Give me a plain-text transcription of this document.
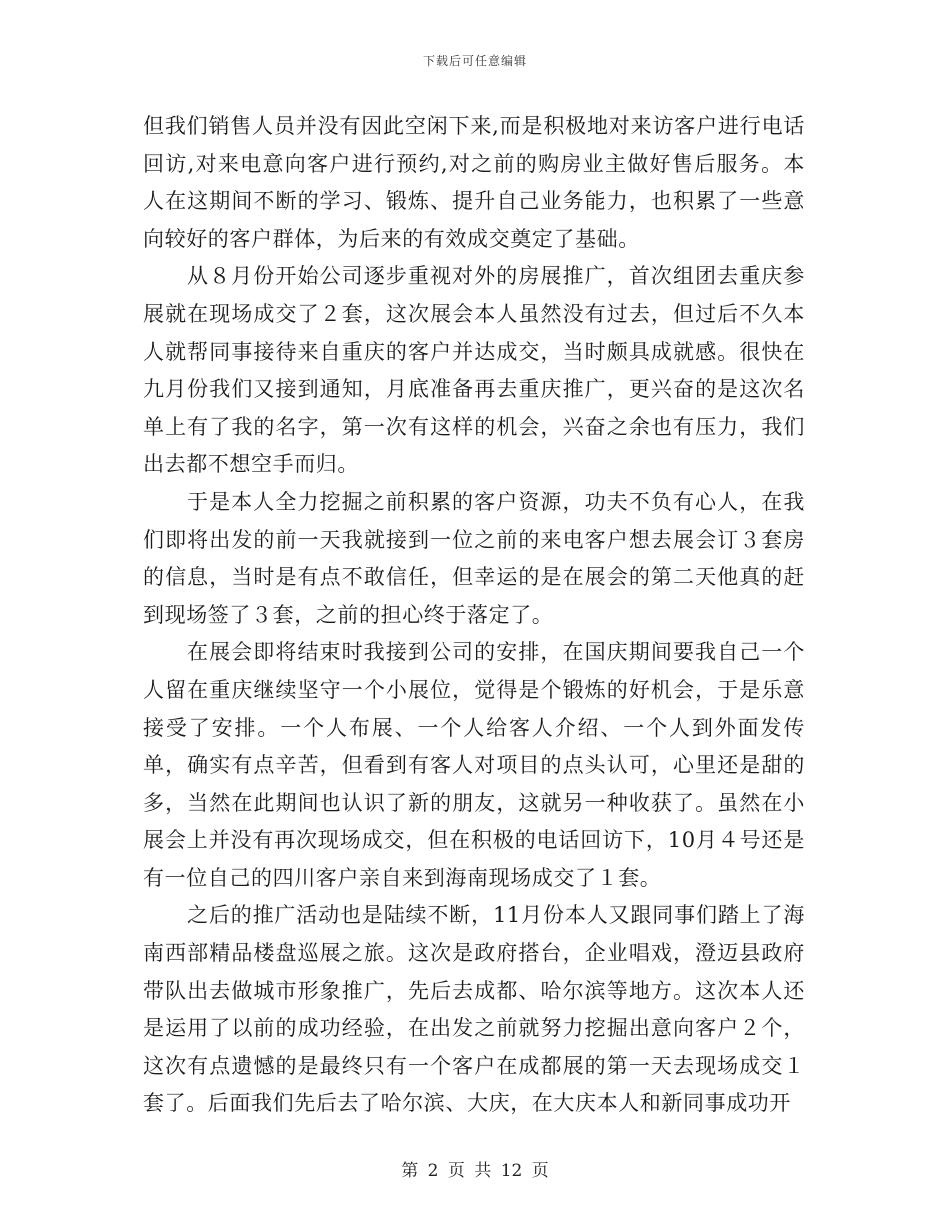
下载后可任意编辑

但我们销售人员并没有因此空闲下来,而是积极地对来访客户进行电话回访,对来电意向客户进行预约,对之前的购房业主做好售后服务。本人在这期间不断的学习、锻炼、提升自己业务能力，也积累了一些意向较好的客户群体，为后来的有效成交奠定了基础。

从８月份开始公司逐步重视对外的房展推广，首次组团去重庆参展就在现场成交了２套，这次展会本人虽然没有过去，但过后不久本人就帮同事接待来自重庆的客户并达成交，当时颇具成就感。很快在九月份我们又接到通知，月底准备再去重庆推广，更兴奋的是这次名单上有了我的名字，第一次有这样的机会，兴奋之余也有压力，我们出去都不想空手而归。

于是本人全力挖掘之前积累的客户资源，功夫不负有心人，在我们即将出发的前一天我就接到一位之前的来电客户想去展会订３套房的信息，当时是有点不敢信任，但幸运的是在展会的第二天他真的赶到现场签了３套，之前的担心终于落定了。

在展会即将结束时我接到公司的安排，在国庆期间要我自己一个人留在重庆继续坚守一个小展位，觉得是个锻炼的好机会，于是乐意接受了安排。一个人布展、一个人给客人介绍、一个人到外面发传单，确实有点辛苦，但看到有客人对项目的点头认可，心里还是甜的多，当然在此期间也认识了新的朋友，这就另一种收获了。虽然在小展会上并没有再次现场成交，但在积极的电话回访下，10月４号还是有一位自己的四川客户亲自来到海南现场成交了１套。

之后的推广活动也是陆续不断，11月份本人又跟同事们踏上了海南西部精品楼盘巡展之旅。这次是政府搭台，企业唱戏，澄迈县政府带队出去做城市形象推广，先后去成都、哈尔滨等地方。这次本人还是运用了以前的成功经验，在出发之前就努力挖掘出意向客户２个，这次有点遗憾的是最终只有一个客户在成都展的第一天去现场成交１套了。后面我们先后去了哈尔滨、大庆，在大庆本人和新同事成功开

第 2 页 共 12 页
